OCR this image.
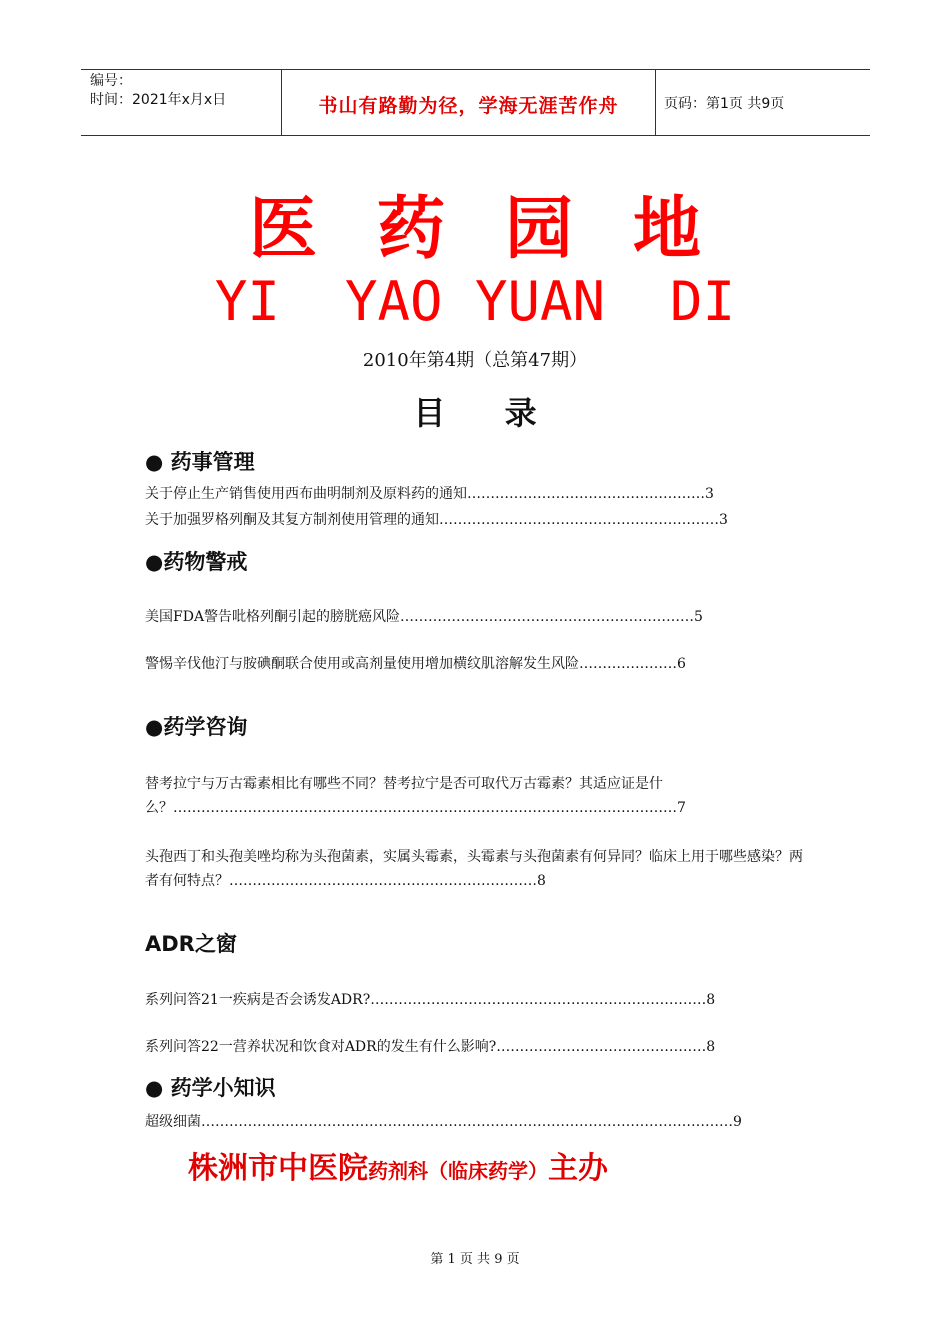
编号：
时间：2021年x月x日	书山有路勤为径，学海无涯苦作舟	页码：第1页 共9页
医药园地
YI  YAO YUAN  DI
2010年第4期（总第47期）
目 录
● 药事管理
关于停止生产销售使用西布曲明制剂及原料药的通知……………………………………………3
关于加强罗格列酮及其复方制剂使用管理的通知……………………………………………………3
●药物警戒
美国FDA警告吡格列酮引起的膀胱癌风险………………………………………………………5
警惕辛伐他汀与胺碘酮联合使用或高剂量使用增加横纹肌溶解发生风险…………………6
●药学咨询
替考拉宁与万古霉素相比有哪些不同？替考拉宁是否可取代万古霉素？其适应证是什么？………………………………………………………………………………………………7
头孢西丁和头孢美唑均称为头孢菌素，实属头霉素，头霉素与头孢菌素有何异同？临床上用于哪些感染？两者有何特点？…………………………………………………………8
ADR之窗
系列问答21一疾病是否会诱发ADR?………………………………………………………………8
系列问答22一营养状况和饮食对ADR的发生有什么影响?………………………………………8
● 药学小知识
超级细菌……………………………………………………………………………………………………9
株洲市中医院药剂科（临床药学）主办
第 1 页 共 9 页
